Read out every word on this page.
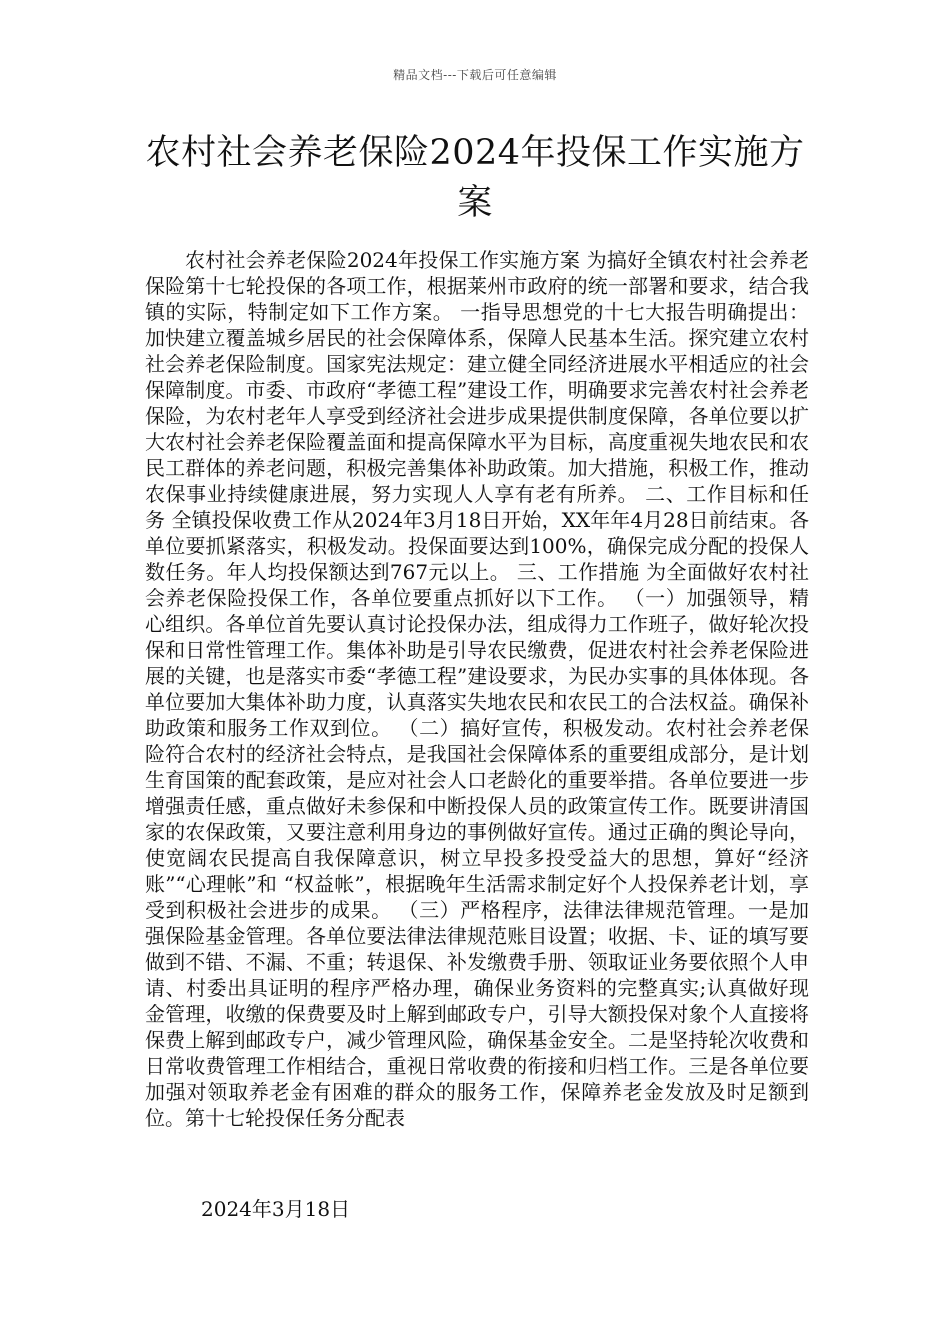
精品文档---下载后可任意编辑
农村社会养老保险2024年投保工作实施方案

农村社会养老保险2024年投保工作实施方案 为搞好全镇农村社会养老保险第十七轮投保的各项工作，根据莱州市政府的统一部署和要求，结合我镇的实际，特制定如下工作方案。 一指导思想党的十七大报告明确提出：加快建立覆盖城乡居民的社会保障体系，保障人民基本生活。探究建立农村社会养老保险制度。国家宪法规定：建立健全同经济进展水平相适应的社会保障制度。市委、市政府“孝德工程”建设工作，明确要求完善农村社会养老保险，为农村老年人享受到经济社会进步成果提供制度保障，各单位要以扩大农村社会养老保险覆盖面和提高保障水平为目标，高度重视失地农民和农民工群体的养老问题，积极完善集体补助政策。加大措施，积极工作，推动农保事业持续健康进展，努力实现人人享有老有所养。 二、工作目标和任务 全镇投保收费工作从2024年3月18日开始，XX年年4月28日前结束。各单位要抓紧落实，积极发动。投保面要达到100%，确保完成分配的投保人数任务。年人均投保额达到767元以上。 三、工作措施 为全面做好农村社会养老保险投保工作，各单位要重点抓好以下工作。 （一）加强领导，精心组织。各单位首先要认真讨论投保办法，组成得力工作班子，做好轮次投保和日常性管理工作。集体补助是引导农民缴费，促进农村社会养老保险进展的关键，也是落实市委“孝德工程”建设要求，为民办实事的具体体现。各单位要加大集体补助力度，认真落实失地农民和农民工的合法权益。确保补助政策和服务工作双到位。 （二）搞好宣传，积极发动。农村社会养老保险符合农村的经济社会特点，是我国社会保障体系的重要组成部分，是计划生育国策的配套政策，是应对社会人口老龄化的重要举措。各单位要进一步增强责任感，重点做好未参保和中断投保人员的政策宣传工作。既要讲清国家的农保政策，又要注意利用身边的事例做好宣传。通过正确的舆论导向，使宽阔农民提高自我保障意识，树立早投多投受益大的思想，算好“经济账”“心理帐”和 “权益帐”，根据晚年生活需求制定好个人投保养老计划，享受到积极社会进步的成果。 （三）严格程序，法律法律规范管理。一是加强保险基金管理。各单位要法律法律规范账目设置；收据、卡、证的填写要做到不错、不漏、不重；转退保、补发缴费手册、领取证业务要依照个人申请、村委出具证明的程序严格办理，确保业务资料的完整真实;认真做好现金管理，收缴的保费要及时上解到邮政专户，引导大额投保对象个人直接将保费上解到邮政专户，减少管理风险，确保基金安全。二是坚持轮次收费和日常收费管理工作相结合，重视日常收费的衔接和归档工作。三是各单位要加强对领取养老金有困难的群众的服务工作，保障养老金发放及时足额到位。第十七轮投保任务分配表

2024年3月18日
